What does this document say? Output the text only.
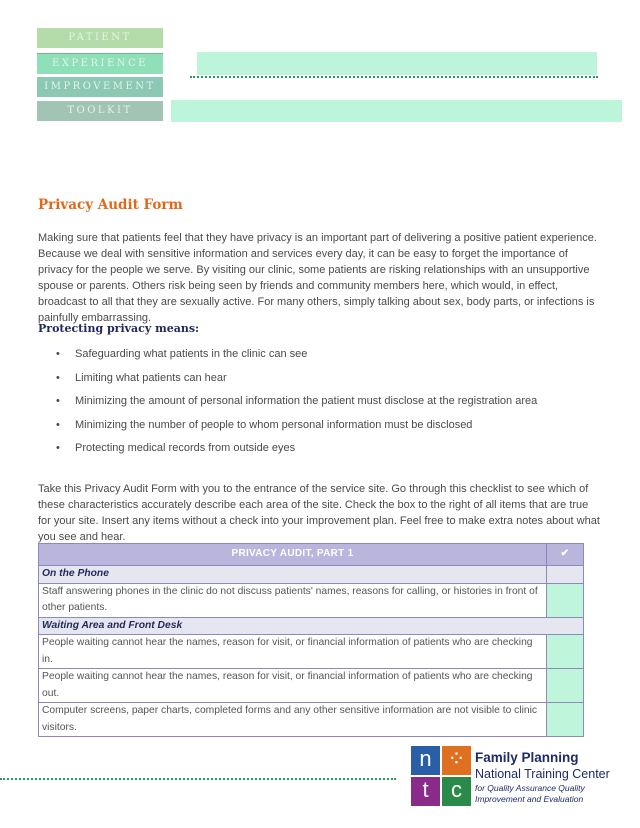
PATIENT
EXPERIENCE
IMPROVEMENT
TOOLKIT
Privacy Audit Form

Making sure that patients feel that they have privacy is an important part of delivering a positive patient experience. Because we deal with sensitive information and services every day, it can be easy to forget the importance of privacy for the people we serve. By visiting our clinic, some patients are risking relationships with an unsupportive spouse or parents. Others risk being seen by friends and community members here, which would, in effect, broadcast to all that they are sexually active. For many others, simply talking about sex, body parts, or infections is painfully embarrassing.

Protecting privacy means:
• Safeguarding what patients in the clinic can see
• Limiting what patients can hear
• Minimizing the amount of personal information the patient must disclose at the registration area
• Minimizing the number of people to whom personal information must be disclosed
• Protecting medical records from outside eyes

Take this Privacy Audit Form with you to the entrance of the service site. Go through this checklist to see which of these characteristics accurately describe each area of the site. Check the box to the right of all items that are true for your site. Insert any items without a check into your improvement plan. Feel free to make extra notes about what you see and hear.

PRIVACY AUDIT, PART 1	✔
On the Phone	
Staff answering phones in the clinic do not discuss patients' names, reasons for calling, or histories in front of other patients.	
Waiting Area and Front Desk	
People waiting cannot hear the names, reason for visit, or financial information of patients who are checking in.	
People waiting cannot hear the names, reason for visit, or financial information of patients who are checking out.	
Computer screens, paper charts, completed forms and any other sensitive information are not visible to clinic visitors.	
n ⁘
t	c
Family Planning
National Training Center
for Quality Assurance Quality Improvement and Evaluation
